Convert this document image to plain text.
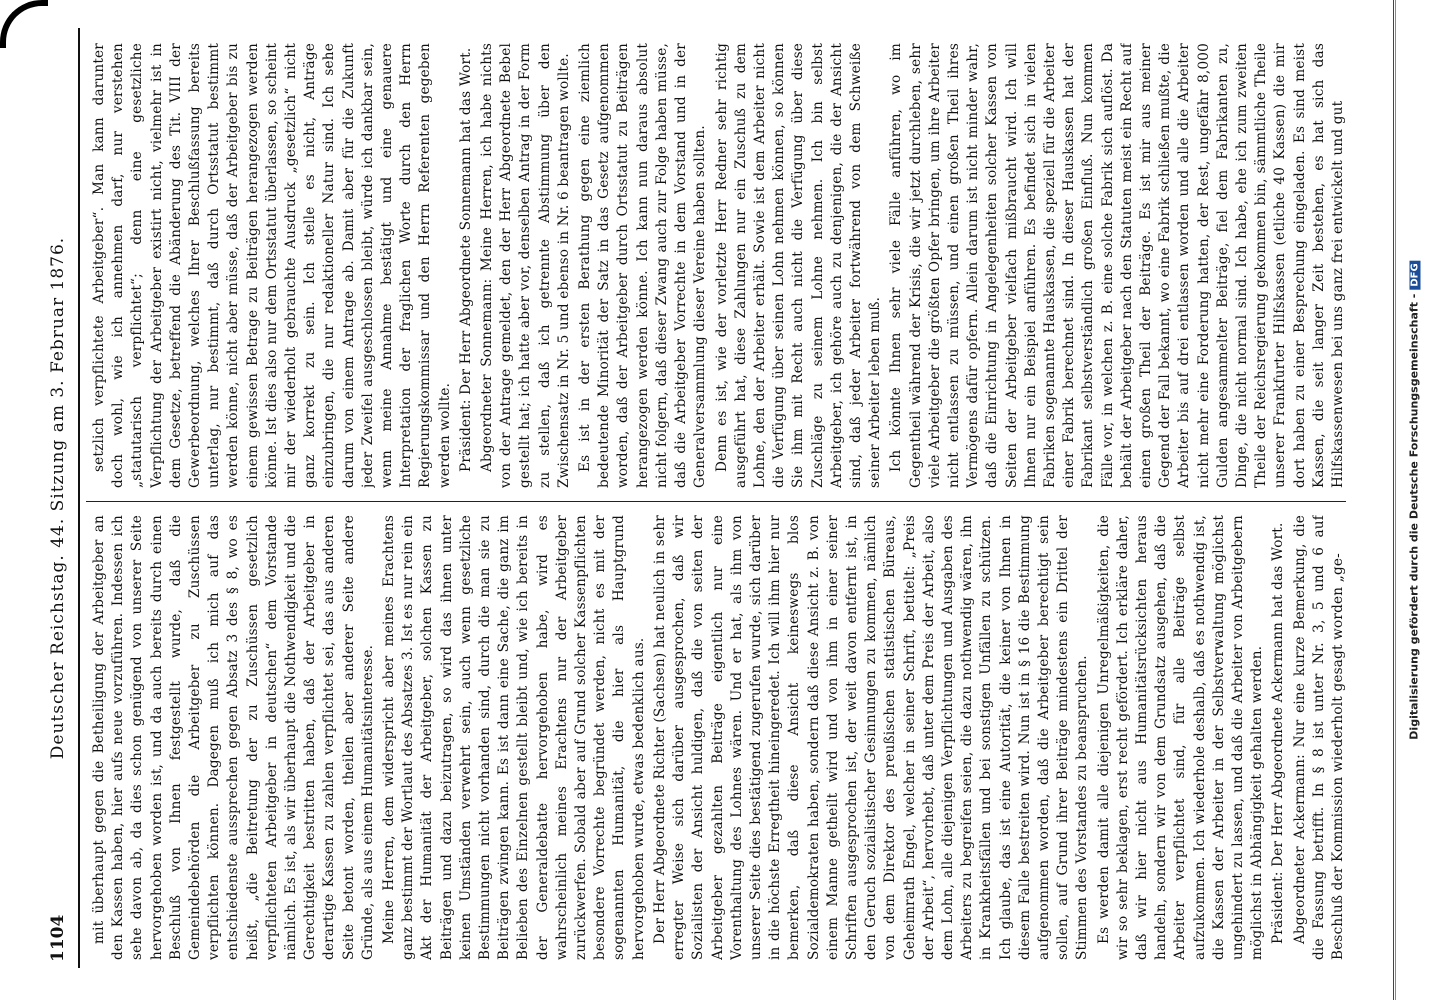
1104
Deutscher Reichstag. 44. Sitzung am 3. Februar 1876. mit überhaupt gegen die Betheiligung der Arbeitgeber an den Kassen haben, hier aufs neue vorzuführen. Indessen ich sehe davon ab, da dies schon genügend von unserer Seite hervorgehoben worden ist, und da auch bereits durch einen Beschluß von Ihnen festgestellt wurde, daß die Gemeindebehörden die Arbeitgeber zu Zuschüssen verpflichten können. Dagegen muß ich mich auf das entschiedenste aussprechen gegen Absatz 3 des § 8, wo es heißt, „die Beitretung der zu Zuschüssen gesetzlich verpflichteten Arbeitgeber in deutschen“ dem Vorstande nämlich. Es ist, als wir überhaupt die Nothwendigkeit und die Gerechtigkeit bestritten haben, daß der Arbeitgeber in derartige Kassen zu zahlen verpflichtet sei, das aus anderen Seite betont worden, theilen aber anderer Seite andere Gründe, als aus einem Humanitätsinteresse. Meine Herren, dem widerspricht aber meines Erachtens ganz bestimmt der Wortlaut des Absatzes 3. Ist es nur rein ein Akt der Humanität der Arbeitgeber, solchen Kassen zu Beiträgen und dazu beizutragen, so wird das ihnen unter keinen Umständen verwehrt sein, auch wenn gesetzliche Bestimmungen nicht vorhanden sind, durch die man sie zu Beiträgen zwingen kann. Es ist dann eine Sache, die ganz im Belieben des Einzelnen gestellt bleibt und, wie ich bereits in der Generaldebatte hervorgehoben habe, wird es wahrscheinlich meines Erachtens nur der Arbeitgeber zurückwerfen. Sobald aber auf Grund solcher Kassenpflichten besondere Vorrechte begründet werden, nicht es mit der sogenannten Humanität, die hier als Hauptgrund hervorgehoben wurde, etwas bedenklich aus. Der Herr Abgeordnete Richter (Sachsen) hat neulich in sehr erregter Weise sich darüber ausgesprochen, daß wir Sozialisten der Ansicht huldigen, daß die von seiten der Arbeitgeber gezahlten Beiträge eigentlich nur eine Vorenthaltung des Lohnes wären. Und er hat, als ihm von unserer Seite dies bestätigend zugerufen wurde, sich darüber in die höchste Erregtheit hineingeredet. Ich will ihm hier nur bemerken, daß diese Ansicht keineswegs blos Sozialdemokraten haben, sondern daß diese Ansicht z. B. von einem Manne getheilt wird und von ihm in einer seiner Schriften ausgesprochen ist, der weit davon entfernt ist, in den Geruch sozialistischer Gesinnungen zu kommen, nämlich von dem Direktor des preußischen statistischen Büreaus, Geheimrath Engel, welcher in seiner Schrift, betitelt: „Preis der Arbeit“, hervorhebt, daß unter dem Preis der Arbeit, also dem Lohn, alle diejenigen Verpflichtungen und Ausgaben des Arbeiters zu begreifen seien, die dazu nothwendig wären, ihn in Krankheitsfällen und bei sonstigen Unfällen zu schützen. Ich glaube, das ist eine Autorität, die keiner von Ihnen in diesem Falle bestreiten wird. Nun ist in § 16 die Bestimmung aufgenommen worden, daß die Arbeitgeber berechtigt sein sollen, auf Grund ihrer Beiträge mindestens ein Drittel der Stimmen des Vorstandes zu beanspruchen. Es werden damit alle diejenigen Unregelmäßigkeiten, die wir so sehr beklagen, erst recht gefördert. Ich erkläre daher, daß wir hier nicht aus Humanitätsrücksichten heraus handeln, sondern wir von dem Grundsatz ausgehen, daß die Arbeiter verpflichtet sind, für alle Beiträge selbst aufzukommen. Ich wiederhole deshalb, daß es nothwendig ist, die Kassen der Arbeiter in der Selbstverwaltung möglichst ungehindert zu lassen, und daß die Arbeiter von Arbeitgebern möglichst in Abhängigkeit gehalten werden. Präsident: Der Herr Abgeordnete Ackermann hat das Wort. Abgeordneter Ackermann: Nur eine kurze Bemerkung, die die Fassung betrifft. In § 8 ist unter Nr. 3, 5 und 6 auf Beschluß der Kommission wiederholt gesagt worden „ge-

setzlich verpflichtete Arbeitgeber“. Man kann darunter doch wohl, wie ich annehmen darf, nur verstehen „statutarisch verpflichtet“; denn eine gesetzliche Verpflichtung der Arbeitgeber existirt nicht, vielmehr ist in dem Gesetze, betreffend die Abänderung des Tit. VIII der Gewerbeordnung, welches Ihrer Beschlußfassung bereits unterlag, nur bestimmt, daß durch Ortsstatut bestimmt werden könne, nicht aber müsse, daß der Arbeitgeber bis zu einem gewissen Betrage zu Beiträgen herangezogen werden könne. Ist dies also nur dem Ortsstatut überlassen, so scheint mir der wiederholt gebrauchte Ausdruck „gesetzlich“ nicht ganz korrekt zu sein. Ich stelle es nicht, Anträge einzubringen, die nur redaktioneller Natur sind. Ich sehe darum von einem Antrage ab. Damit aber für die Zukunft jeder Zweifel ausgeschlossen bleibt, würde ich dankbar sein, wenn meine Annahme bestätigt und eine genauere Interpretation der fraglichen Worte durch den Herrn Regierungskommissar und den Herrn Referenten gegeben werden wollte. Präsident: Der Herr Abgeordnete Sonnemann hat das Wort. Abgeordneter Sonnemann: Meine Herren, ich habe nichts von der Antrage gemeldet, den der Herr Abgeordnete Bebel gestellt hat; ich hatte aber vor, denselben Antrag in der Form zu stellen, daß ich getrennte Abstimmung über den Zwischensatz in Nr. 5 und ebenso in Nr. 6 beantragen wollte. Es ist in der ersten Berathung gegen eine ziemlich bedeutende Minorität der Satz in das Gesetz aufgenommen worden, daß der Arbeitgeber durch Ortsstatut zu Beiträgen herangezogen werden könne. Ich kann nun daraus absolut nicht folgern, daß dieser Zwang auch zur Folge haben müsse, daß die Arbeitgeber Vorrechte in dem Vorstand und in der Generalversammlung dieser Vereine haben sollten. Denn es ist, wie der vorletzte Herr Redner sehr richtig ausgeführt hat, diese Zahlungen nur ein Zuschuß zu dem Lohne, den der Arbeiter erhält. Sowie ist dem Arbeiter nicht die Verfügung über seinen Lohn nehmen können, so können Sie ihm mit Recht auch nicht die Verfügung über diese Zuschläge zu seinem Lohne nehmen. Ich bin selbst Arbeitgeber, ich gehöre auch zu denjenigen, die der Ansicht sind, daß jeder Arbeiter fortwährend von dem Schweiße seiner Arbeiter leben muß. Ich könnte Ihnen sehr viele Fälle anführen, wo im Gegentheil während der Krisis, die wir jetzt durchleben, sehr viele Arbeitgeber die größten Opfer bringen, um ihre Arbeiter nicht entlassen zu müssen, und einen großen Theil ihres Vermögens dafür opfern. Allein darum ist nicht minder wahr, daß die Einrichtung in Angelegenheiten solcher Kassen von Seiten der Arbeitgeber vielfach mißbraucht wird. Ich will Ihnen nur ein Beispiel anführen. Es befindet sich in vielen Fabriken sogenannte Hauskassen, die speziell für die Arbeiter einer Fabrik berechnet sind. In dieser Hauskassen hat der Fabrikant selbstverständlich großen Einfluß. Nun kommen Fälle vor, in welchen z. B. eine solche Fabrik sich auflöst. Da behält der Arbeitgeber nach den Statuten meist ein Recht auf einen großen Theil der Beiträge. Es ist mir aus meiner Gegend der Fall bekannt, wo eine Fabrik schließen mußte, die Arbeiter bis auf drei entlassen worden und alle die Arbeiter nicht mehr eine Forderung hatten, der Rest, ungefähr 8,000 Gulden angesammelter Beiträge, fiel dem Fabrikanten zu, Dinge, die nicht normal sind. Ich habe, ehe ich zum zweiten Theile der Reichsregierung gekommen bin, sämmtliche Theile unserer Frankfurter Hilfskassen (etliche 40 Kassen) die mir dort haben zu einer Besprechung eingeladen. Es sind meist Kassen, die seit langer Zeit bestehen, es hat sich das Hilfskassenwesen bei uns ganz frei entwickelt und gut	Digitalisierung gefördert durch die Deutsche Forschungsgemeinschaft -DFG
